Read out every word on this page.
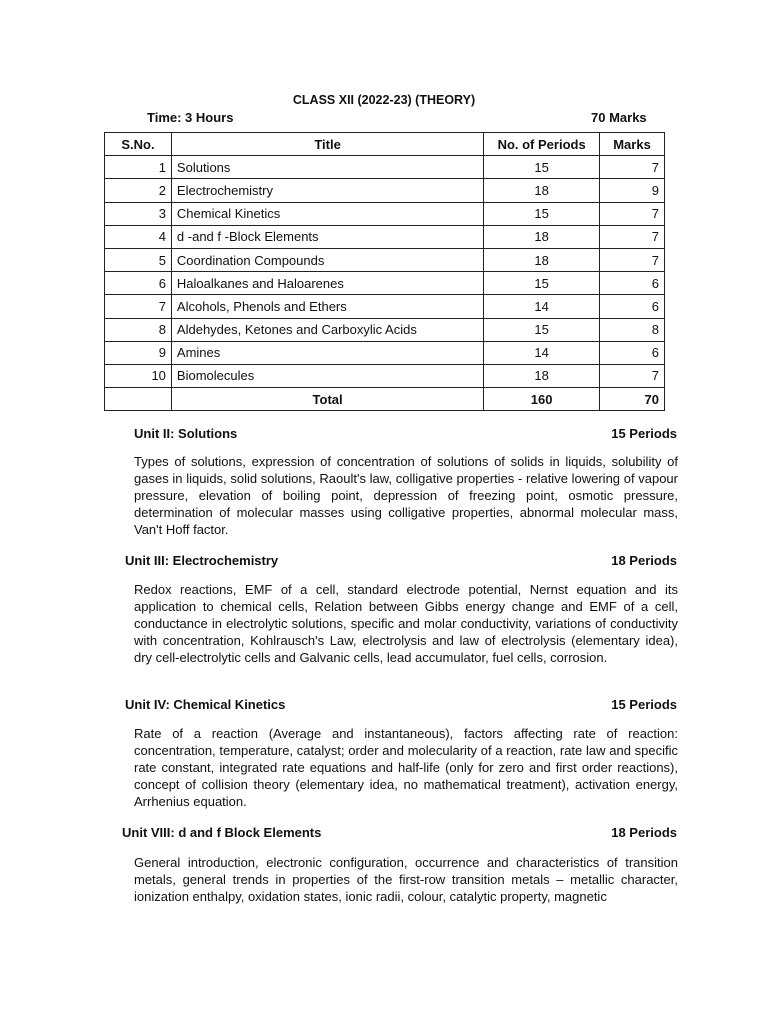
CLASS XII (2022-23) (THEORY)
Time: 3 Hours	70 Marks
S.No.	Title	No. of Periods	Marks
1	Solutions	15	7
2	Electrochemistry	18	9
3	Chemical Kinetics	15	7
4	d -and f -Block Elements	18	7
5	Coordination Compounds	18	7
6	Haloalkanes and Haloarenes	15	6
7	Alcohols, Phenols and Ethers	14	6
8	Aldehydes, Ketones and Carboxylic Acids	15	8
9	Amines	14	6
10	Biomolecules	18	7
	Total	160	70
Unit II: Solutions	15 Periods

Types of solutions, expression of concentration of solutions of solids in liquids, solubility of gases in liquids, solid solutions, Raoult's law, colligative properties - relative lowering of vapour pressure, elevation of boiling point, depression of freezing point, osmotic pressure, determination of molecular masses using colligative properties, abnormal molecular mass, Van't Hoff factor.

Unit III: Electrochemistry	18 Periods

Redox reactions, EMF of a cell, standard electrode potential, Nernst equation and its application to chemical cells, Relation between Gibbs energy change and EMF of a cell, conductance in electrolytic solutions, specific and molar conductivity, variations of conductivity with concentration, Kohlrausch's Law, electrolysis and law of electrolysis (elementary idea), dry cell-electrolytic cells and Galvanic cells, lead accumulator, fuel cells, corrosion.

Unit IV: Chemical Kinetics	15 Periods

Rate of a reaction (Average and instantaneous), factors affecting rate of reaction: concentration, temperature, catalyst; order and molecularity of a reaction, rate law and specific rate constant, integrated rate equations and half-life (only for zero and first order reactions), concept of collision theory (elementary idea, no mathematical treatment), activation energy, Arrhenius equation.

Unit VIII: d and f Block Elements	18 Periods

General introduction, electronic configuration, occurrence and characteristics of transition metals, general trends in properties of the first-row transition metals – metallic character, ionization enthalpy, oxidation states, ionic radii, colour, catalytic property, magnetic
